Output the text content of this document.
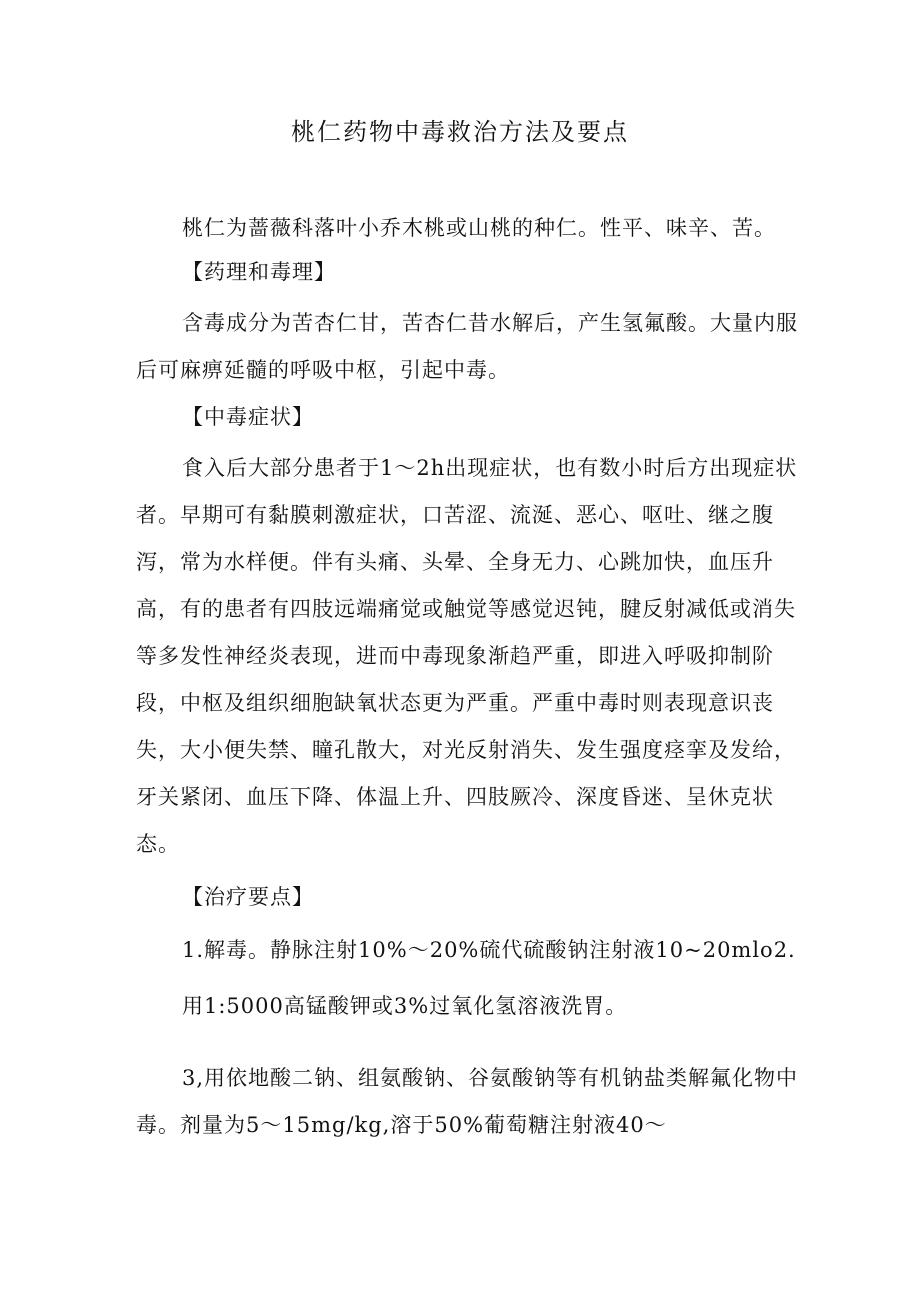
桃仁药物中毒救治方法及要点

桃仁为蔷薇科落叶小乔木桃或山桃的种仁。性平、味辛、苦。

【药理和毒理】

含毒成分为苦杏仁甘，苦杏仁昔水解后，产生氢氟酸。大量内服后可麻痹延髓的呼吸中枢，引起中毒。

【中毒症状】

食入后大部分患者于1～2h出现症状，也有数小时后方出现症状者。早期可有黏膜刺激症状，口苦涩、流涎、恶心、呕吐、继之腹泻，常为水样便。伴有头痛、头晕、全身无力、心跳加快，血压升高，有的患者有四肢远端痛觉或触觉等感觉迟钝，腱反射减低或消失等多发性神经炎表现，进而中毒现象渐趋严重，即进入呼吸抑制阶段，中枢及组织细胞缺氧状态更为严重。严重中毒时则表现意识丧失，大小便失禁、瞳孔散大，对光反射消失、发生强度痉挛及发给，牙关紧闭、血压下降、体温上升、四肢厥冷、深度昏迷、呈休克状态。

【治疗要点】

1.解毒。静脉注射10%～20%硫代硫酸钠注射液10~20mlo2.

用1:5000高锰酸钾或3%过氧化氢溶液洗胃。

3,用依地酸二钠、组氨酸钠、谷氨酸钠等有机钠盐类解氟化物中毒。剂量为5～15mg/kg,溶于50%葡萄糖注射液40～
